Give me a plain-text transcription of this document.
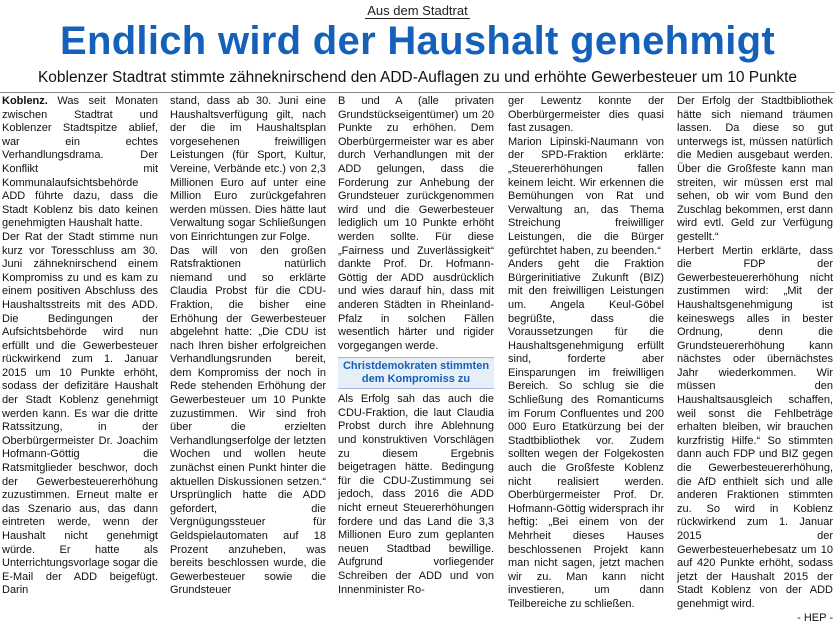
Aus dem Stadtrat
Endlich wird der Haushalt genehmigt
Koblenzer Stadtrat stimmte zähneknirschend den ADD-Auflagen zu und erhöhte Gewerbesteuer um 10 Punkte

Koblenz. Was seit Monaten zwischen Stadtrat und Koblenzer Stadtspitze ablief, war ein echtes Verhandlungsdrama. Der Konflikt mit Kommunalaufsichtsbehörde ADD führte dazu, dass die Stadt Koblenz bis dato keinen genehmigten Haushalt hatte.

Der Rat der Stadt stimme nun kurz vor Toresschluss am 30. Juni zähneknirschend einem Kompromiss zu und es kam zu einem positiven Abschluss des Haushaltsstreits mit des ADD. Die Bedingungen der Aufsichtsbehörde wird nun erfüllt und die Gewerbesteuer rückwirkend zum 1. Januar 2015 um 10 Punkte erhöht, sodass der defizitäre Haushalt der Stadt Koblenz genehmigt werden kann. Es war die dritte Ratssitzung, in der Oberbürgermeister Dr. Joachim Hofmann-Göttig die Ratsmitglieder beschwor, doch der Gewerbesteuererhöhung zuzustimmen. Erneut malte er das Szenario aus, das dann eintreten werde, wenn der Haushalt nicht genehmigt würde. Er hatte als Unterrichtungsvorlage sogar die E-Mail der ADD beigefügt. Darin

stand, dass ab 30. Juni eine Haushaltsverfügung gilt, nach der die im Haushaltsplan vorgesehenen freiwilligen Leistungen (für Sport, Kultur, Vereine, Verbände etc.) von 2,3 Millionen Euro auf unter eine Million Euro zurückgefahren werden müssen. Dies hätte laut Verwaltung sogar Schließungen von Einrichtungen zur Folge.

Das will von den großen Ratsfraktionen natürlich niemand und so erklärte Claudia Probst für die CDU-Fraktion, die bisher eine Erhöhung der Gewerbesteuer abgelehnt hatte: „Die CDU ist nach Ihren bisher erfolgreichen Verhandlungsrunden bereit, dem Kompromiss der noch in Rede stehenden Erhöhung der Gewerbesteuer um 10 Punkte zuzustimmen. Wir sind froh über die erzielten Verhandlungserfolge der letzten Wochen und wollen heute zunächst einen Punkt hinter die aktuellen Diskussionen setzen.“ Ursprünglich hatte die ADD gefordert, die Vergnügungssteuer für Geldspielautomaten auf 18 Prozent anzuheben, was bereits beschlossen wurde, die Gewerbesteuer sowie die Grundsteuer

B und A (alle privaten Grundstückseigentümer) um 20 Punkte zu erhöhen. Dem Oberbürgermeister war es aber durch Verhandlungen mit der ADD gelungen, dass die Forderung zur Anhebung der Grundsteuer zurückgenommen wird und die Gewerbesteuer lediglich um 10 Punkte erhöht werden sollte. Für diese „Fairness und Zuverlässigkeit“ dankte Prof. Dr. Hofmann-Göttig der ADD ausdrücklich und wies darauf hin, dass mit anderen Städten in Rheinland-Pfalz in solchen Fällen wesentlich härter und rigider vorgegangen werde.

Christdemokraten stimmten dem Kompromiss zu

Als Erfolg sah das auch die CDU-Fraktion, die laut Claudia Probst durch ihre Ablehnung und konstruktiven Vorschlägen zu diesem Ergebnis beigetragen hätte. Bedingung für die CDU-Zustimmung sei jedoch, dass 2016 die ADD nicht erneut Steuererhöhungen fordere und das Land die 3,3 Millionen Euro zum geplanten neuen Stadtbad bewillige. Aufgrund vorliegender Schreiben der ADD und von Innenminister Ro-

ger Lewentz konnte der Oberbürgermeister dies quasi fast zusagen.

Marion Lipinski-Naumann von der SPD-Fraktion erklärte: „Steuererhöhungen fallen keinem leicht. Wir erkennen die Bemühungen von Rat und Verwaltung an, das Thema Streichung freiwilliger Leistungen, die die Bürger gefürchtet haben, zu beenden.“

Anders geht die Fraktion Bürgerinitiative Zukunft (BIZ) mit den freiwilligen Leistungen um. Angela Keul-Göbel begrüßte, dass die Voraussetzungen für die Haushaltsgenehmigung erfüllt sind, forderte aber Einsparungen im freiwilligen Bereich. So schlug sie die Schließung des Romanticums im Forum Confluentes und 200 000 Euro Etatkürzung bei der Stadtbibliothek vor. Zudem sollten wegen der Folgekosten auch die Großfeste Koblenz nicht realisiert werden. Oberbürgermeister Prof. Dr. Hofmann-Göttig widersprach ihr heftig: „Bei einem von der Mehrheit dieses Hauses beschlossenen Projekt kann man nicht sagen, jetzt machen wir zu. Man kann nicht investieren, um dann Teilbereiche zu schließen.

Der Erfolg der Stadtbibliothek hätte sich niemand träumen lassen. Da diese so gut unterwegs ist, müssen natürlich die Medien ausgebaut werden. Über die Großfeste kann man streiten, wir müssen erst mal sehen, ob wir vom Bund den Zuschlag bekommen, erst dann wird evtl. Geld zur Verfügung gestellt.“

Herbert Mertin erklärte, dass die FDP der Gewerbesteuererhöhung nicht zustimmen wird: „Mit der Haushaltsgenehmigung ist keineswegs alles in bester Ordnung, denn die Grundsteuererhöhung kann nächstes oder übernächstes Jahr wiederkommen. Wir müssen den Haushaltsausgleich schaffen, weil sonst die Fehlbeträge erhalten bleiben, wir brauchen kurzfristig Hilfe.“ So stimmten dann auch FDP und BIZ gegen die Gewerbesteuererhöhung, die AfD enthielt sich und alle anderen Fraktionen stimmten zu. So wird in Koblenz rückwirkend zum 1. Januar 2015 der Gewerbesteuerhebesatz um 10 auf 420 Punkte erhöht, sodass jetzt der Haushalt 2015 der Stadt Koblenz von der ADD genehmigt wird.

- HEP -
